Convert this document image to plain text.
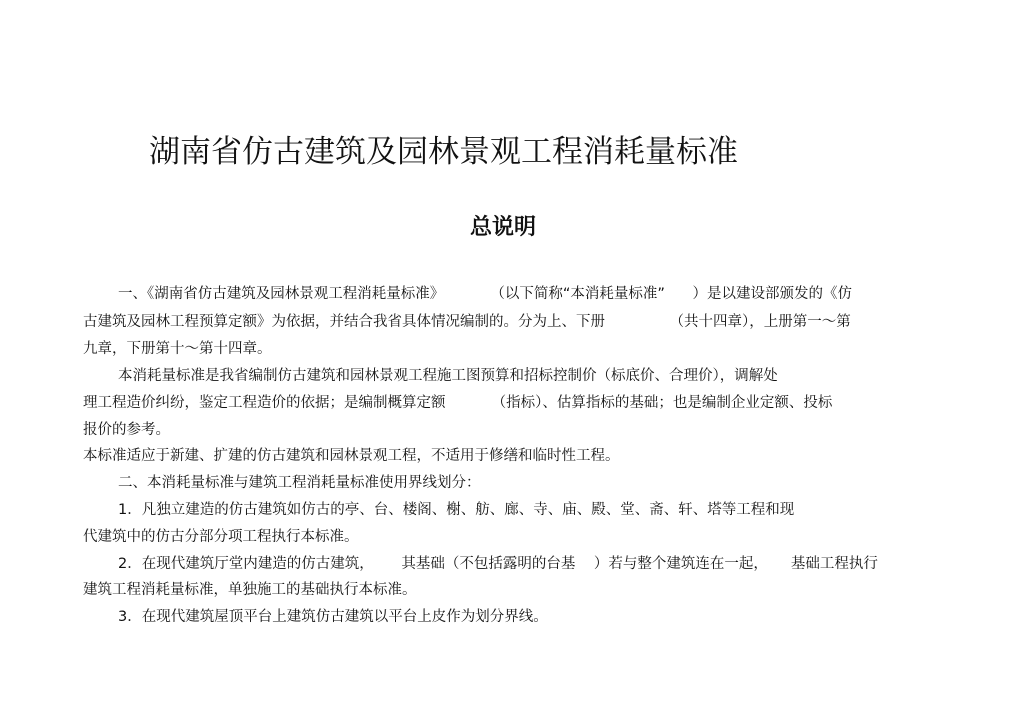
湖南省仿古建筑及园林景观工程消耗量标准
总说明

一、《湖南省仿古建筑及园林景观工程消耗量标准》          （以下简称“本消耗量标准”      ）是以建设部颁发的《仿

古建筑及园林工程预算定额》为依据，并结合我省具体情况编制的。分为上、下册              （共十四章），上册第一～第

九章，下册第十～第十四章。

本消耗量标准是我省编制仿古建筑和园林景观工程施工图预算和招标控制价（标底价、合理价），调解处

理工程造价纠纷，鉴定工程造价的依据；是编制概算定额          （指标）、估算指标的基础；也是编制企业定额、投标

报价的参考。

本标准适应于新建、扩建的仿古建筑和园林景观工程，不适用于修缮和临时性工程。

二、本消耗量标准与建筑工程消耗量标准使用界线划分：

1．凡独立建造的仿古建筑如仿古的亭、台、楼阁、榭、舫、廊、寺、庙、殿、堂、斋、轩、塔等工程和现

代建筑中的仿古分部分项工程执行本标准。

2．在现代建筑厅堂内建造的仿古建筑，      其基础（不包括露明的台基    ）若与整个建筑连在一起，     基础工程执行

建筑工程消耗量标准，单独施工的基础执行本标准。

3．在现代建筑屋顶平台上建筑仿古建筑以平台上皮作为划分界线。
